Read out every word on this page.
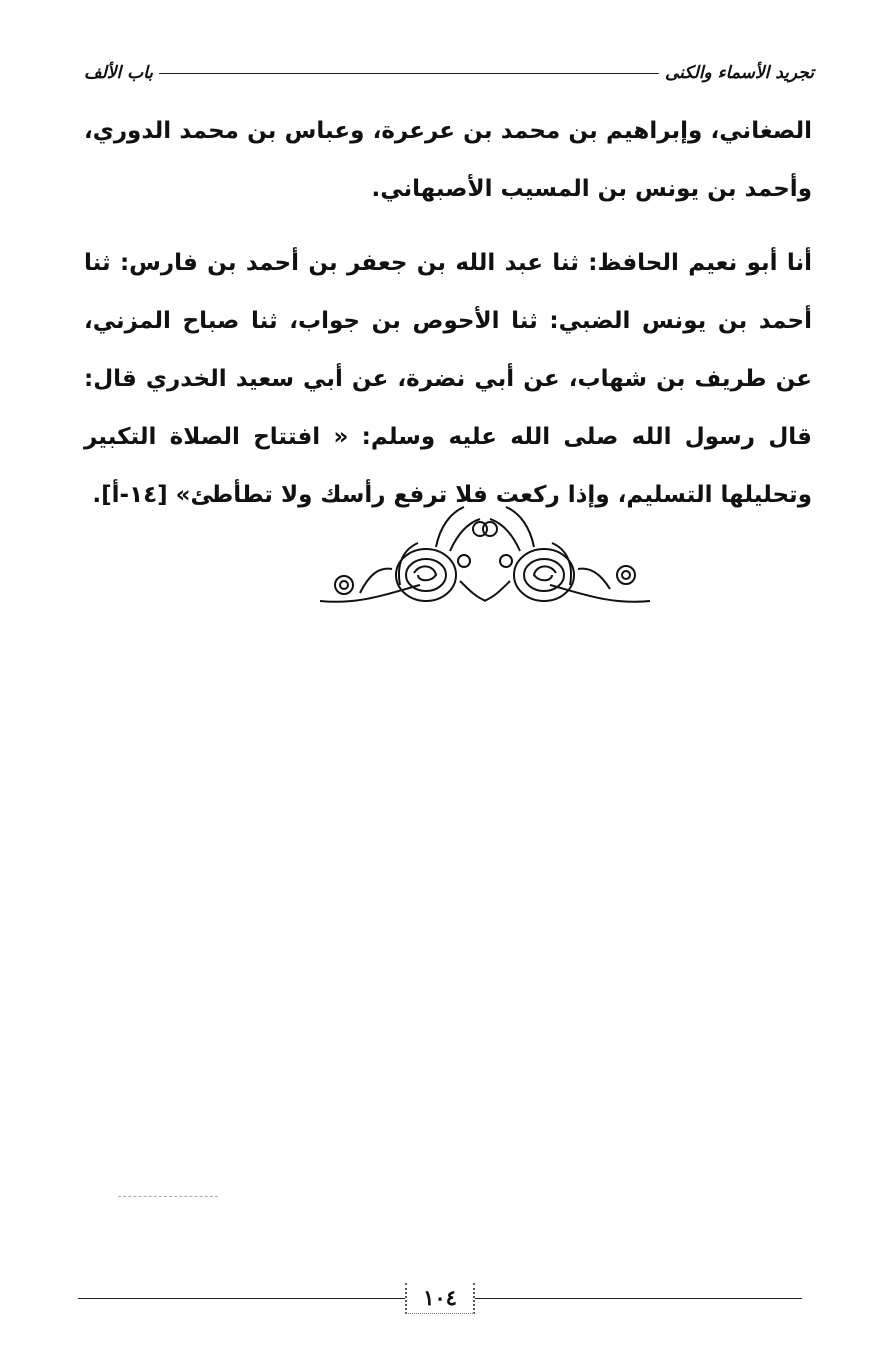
تجريد الأسماء والكنى
باب الألف

الصغاني، وإبراهيم بن محمد بن عرعرة، وعباس بن محمد الدوري، وأحمد بن يونس بن المسيب الأصبهاني.

أنا أبو نعيم الحافظ: ثنا عبد الله بن جعفر بن أحمد بن فارس: ثنا أحمد بن يونس الضبي: ثنا الأحوص بن جواب، ثنا صباح المزني، عن طريف بن شهاب، عن أبي نضرة، عن أبي سعيد الخدري قال: قال رسول الله صلى الله عليه وسلم: « افتتاح الصلاة التكبير وتحليلها التسليم، وإذا ركعت فلا ترفع رأسك ولا تطأطئ» [١٤-أ].

١٠٤
